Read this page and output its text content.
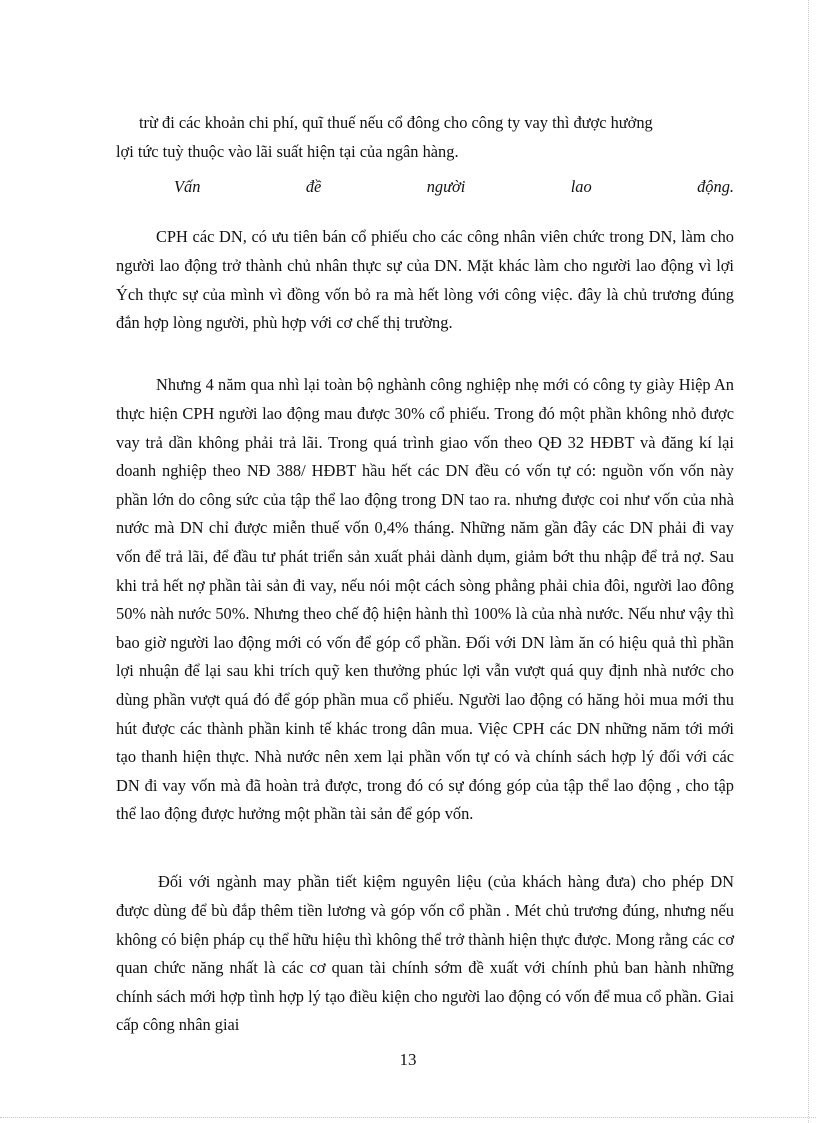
trừ đi các khoản chi phí, quĩ thuế nếu cổ đông cho công ty vay thì được hưởng

lợi tức tuỳ thuộc vào lãi suất hiện tại của ngân hàng.

Vấn	đề	người	lao	động.

CPH các DN, có ưu tiên bán cổ phiếu cho các công nhân viên chức trong DN, làm cho người lao động trở thành chủ nhân thực sự của DN. Mặt khác làm cho người lao động vì lợi Ých thực sự của mình vì đồng vốn bỏ ra mà hết lòng với công việc. đây là chủ trương đúng đắn hợp lòng người, phù hợp với cơ chế thị trường.

Nhưng 4 năm qua nhì lại toàn bộ nghành công nghiệp nhẹ mới có công ty giày Hiệp An thực hiện CPH người lao động mau được 30% cổ phiếu. Trong đó một phần không nhỏ được vay trả dần không phải trả lãi. Trong quá trình giao vốn theo QĐ 32 HĐBT và đăng kí lại doanh nghiệp theo NĐ 388/ HĐBT hầu hết các DN đều có vốn tự có: nguồn vốn vốn này phần lớn do công sức của tập thể lao động trong DN tao ra. nhưng được coi như vốn của nhà nước mà DN chỉ được miễn thuế vốn 0,4% tháng. Những năm gần đây các DN phải đi vay vốn để trả lãi, để đầu tư phát triển sản xuất phải dành dụm, giảm bớt thu nhập để trả nợ. Sau khi trả hết nợ phần tài sản đi vay, nếu nói một cách sòng phẳng phải chia đôi, người lao đông 50% nàh nước 50%. Nhưng theo chế độ hiện hành thì 100% là của nhà nước. Nếu như vậy thì bao giờ người lao động mới có vốn để góp cổ phần. Đối với DN làm ăn có hiệu quả thì phần lợi nhuận để lại sau khi trích quỹ ken thưởng phúc lợi vẫn vượt quá quy định nhà nước cho dùng phần vượt quá đó để góp phần mua cổ phiếu. Người lao động có hăng hỏi mua mới thu hút được các thành phần kinh tế khác trong dân mua. Việc CPH các DN những năm tới mới tạo thanh hiện thực. Nhà nước nên xem lại phần vốn tự có và chính sách hợp lý đối với các DN đi vay vốn mà đã hoàn trả được, trong đó có sự đóng góp của tập thể lao động , cho tập thể lao động được hưởng một phần tài sản để góp vốn.

Đối với ngành may phần tiết kiệm nguyên liệu (của khách hàng đưa) cho phép DN được dùng để bù đắp thêm tiền lương và góp vốn cổ phần . Mét chủ trương đúng, nhưng nếu không có biện pháp cụ thể hữu hiệu thì không thể trở thành hiện thực được. Mong rằng các cơ quan chức năng nhất là các cơ quan tài chính sớm đề xuất với chính phủ ban hành những chính sách mới hợp tình hợp lý tạo điều kiện cho người lao động có vốn để mua cổ phần. Giai cấp công nhân giai

13
